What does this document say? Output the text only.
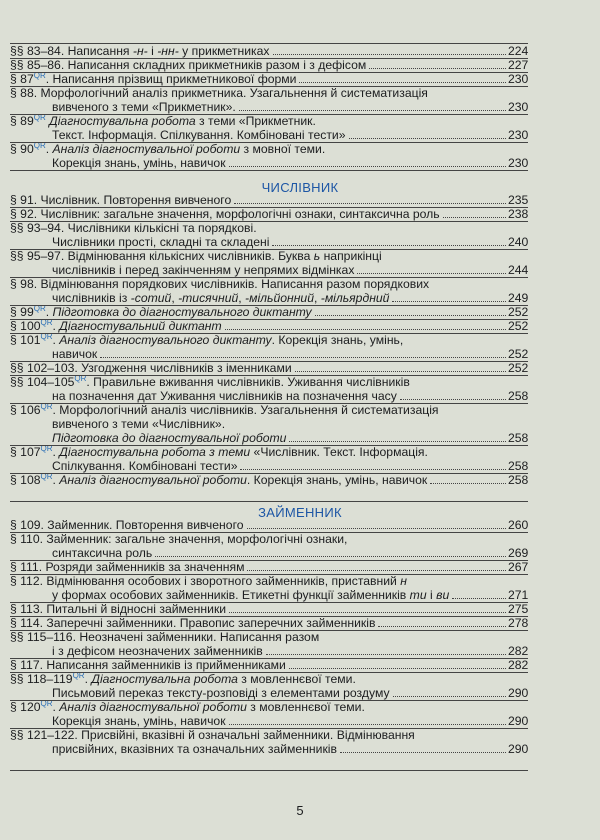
§§ 83–84. Написання -н- і -нн- у прикметниках	224
§§ 85–86. Написання складних прикметників разом і з дефісом	227
§ $87^{QR}$. Написання прізвищ прикметникової форми	230
§ 88. Морфологічний аналіз прикметника. Узагальнення й систематизація
вивченого з теми «Прикметник».	230
§ $89^{QR}$ Діагностувальна робота з теми «Прикметник.
Текст. Інформація. Спілкування. Комбіновані тести»	230
§ $90^{QR}$. Аналіз діагностувальної роботи з мовної теми.
Корекція знань, умінь, навичок	230
§ 91. Числівник. Повторення вивченого	235
§ 92. Числівник: загальне значення, морфологічні ознаки, синтаксична роль	238
§§ 93–94. Числівники кількісні та порядкові.
Числівники прості, складні та складені	240
§§ 95–97. Відмінювання кількісних числівників. Буква ь наприкінці
числівників і перед закінченням у непрямих відмінках	244
§ 98. Відмінювання порядкових числівників. Написання разом порядкових
числівників із -сотий, -тисячний, -мільйонний, -мільярдний	249
§ $99^{QR}$. Підготовка до діагностувального диктанту	252
§ $100^{QR}$. Діагностувальний диктант	252
§ $101^{QR}$. Аналіз діагностувального диктанту. Корекція знань, умінь,
навичок	252
§§ 102–103. Узгодження числівників з іменниками	252
§§ $104-105^{QR}$. Правильне вживання числівників. Уживання числівників
на позначення дат Уживання числівників на позначення часу	258
§ $106^{QR}$. Морфологічний аналіз числівників. Узагальнення й систематизація
вивченого з теми «Числівник».
Підготовка до діагностувальної роботи	258
§ $107^{QR}$. Діагностувальна робота з теми «Числівник. Текст. Інформація.
Спілкування. Комбіновані тести»	258
§ $108^{QR}$. Аналіз діагностувальної роботи. Корекція знань, умінь, навичок	258
§ 109. Займенник. Повторення вивченого	260
§ 110. Займенник: загальне значення, морфологічні ознаки,
синтаксична роль	269
§ 111. Розряди займенників за значенням	267
§ 112. Відмінювання особових і зворотного займенників, приставний н
у формах особових займенників. Етикетні функції займенників ти і ви	271
§ 113. Питальні й відносні займенники	275
§ 114. Заперечні займенники. Правопис заперечних займенників	278
§§ 115–116. Неозначені займенники. Написання разом
і з дефісом неозначених займенників	282
§ 117. Написання займенників із прийменниками	282
§§ $118-119^{QR}$. Діагностувальна робота з мовленнєвої теми.
Письмовий переказ тексту-розповіді з елементами роздуму	290
§ $120^{QR}$. Аналіз діагностувальної роботи з мовленнєвої теми.
Корекція знань, умінь, навичок	290
§§ 121–122. Присвійні, вказівні й означальні займенники. Відмінювання
присвійних, вказівних та означальних займенників	290
ЧИСЛІВНИК
ЗАЙМЕННИК
5
